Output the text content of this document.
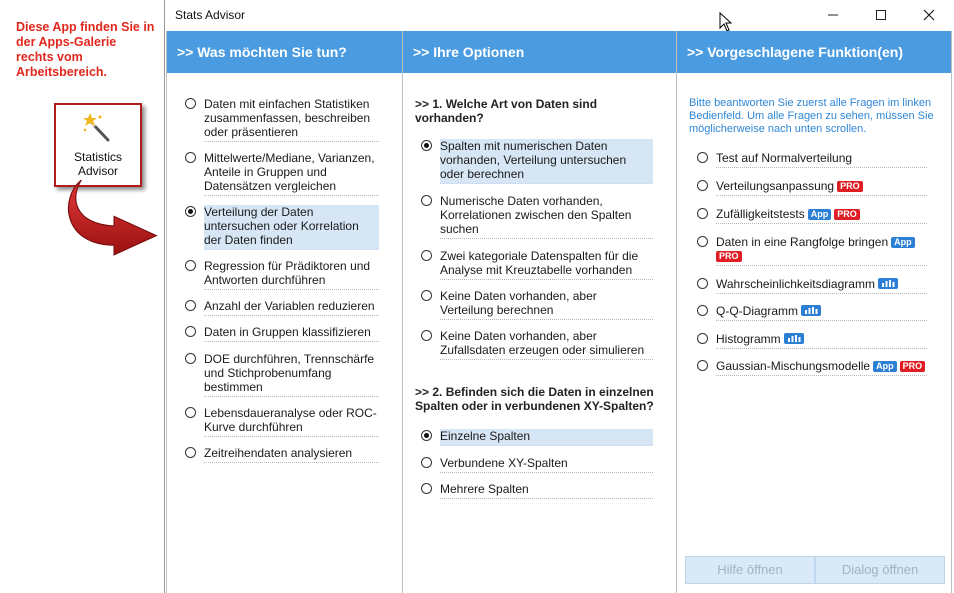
Diese App finden Sie in der Apps-Galerie rechts vom Arbeitsbereich.
Statistics Advisor
Stats Advisor
>> Was möchten Sie tun?
Daten mit einfachen Statistiken zusammenfassen, beschreiben oder präsentieren
Mittelwerte/Mediane, Varianzen, Anteile in Gruppen und Datensätzen vergleichen
Verteilung der Daten untersuchen oder Korrelation der Daten finden
Regression für Prädiktoren und Antworten durchführen
Anzahl der Variablen reduzieren
Daten in Gruppen klassifizieren
DOE durchführen, Trennschärfe und Stichprobenumfang bestimmen
Lebensdaueranalyse oder ROC-Kurve durchführen
Zeitreihendaten analysieren
>> Ihre Optionen
>> 1. Welche Art von Daten sind vorhanden?
Spalten mit numerischen Daten vorhanden, Verteilung untersuchen oder berechnen
Numerische Daten vorhanden, Korrelationen zwischen den Spalten suchen
Zwei kategoriale Datenspalten für die Analyse mit Kreuztabelle vorhanden
Keine Daten vorhanden, aber Verteilung berechnen
Keine Daten vorhanden, aber Zufallsdaten erzeugen oder simulieren
>> 2. Befinden sich die Daten in einzelnen Spalten oder in verbundenen XY-Spalten?
Einzelne Spalten
Verbundene XY-Spalten
Mehrere Spalten
>> Vorgeschlagene Funktion(en)
Bitte beantworten Sie zuerst alle Fragen im linken Bedienfeld. Um alle Fragen zu sehen, müssen Sie möglicherweise nach unten scrollen.
Test auf Normalverteilung
Verteilungsanpassung PRO
Zufälligkeitstests App PRO
Daten in eine Rangfolge bringen App
PRO
Wahrscheinlichkeitsdiagramm
Q-Q-Diagramm
Histogramm
Gaussian-Mischungsmodelle App PRO
Hilfe öffnen	Dialog öffnen
